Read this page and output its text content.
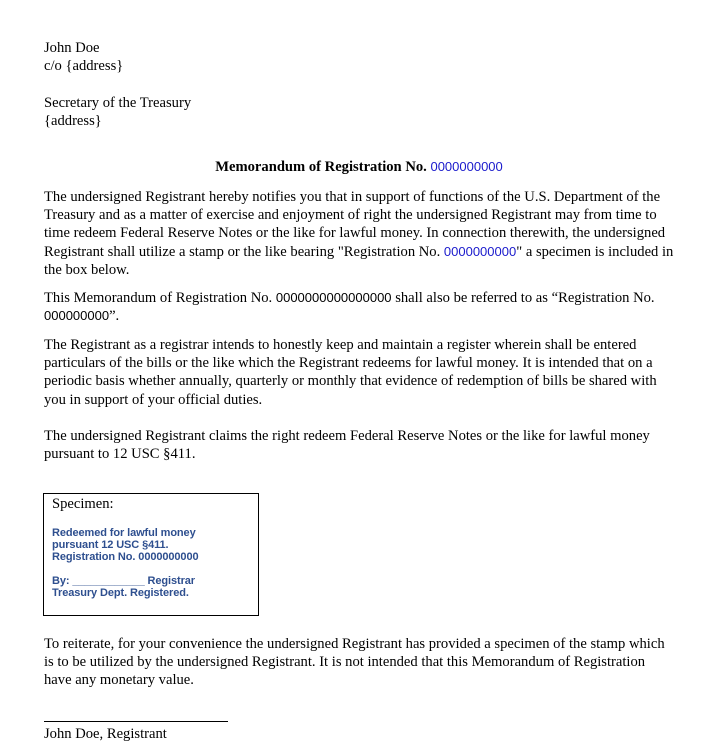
John Doe
c/o {address}
Secretary of the Treasury
{address}
Memorandum of Registration No. 0000000000
The undersigned Registrant hereby notifies you that in support of functions of the U.S. Department of the Treasury and as a matter of exercise and enjoyment of right the undersigned Registrant may from time to time redeem Federal Reserve Notes or the like for lawful money. In connection therewith, the undersigned Registrant shall utilize a stamp or the like bearing "Registration No. 0000000000" a specimen is included in the box below.
This Memorandum of Registration No. 0000000000000000 shall also be referred to as “Registration No. 000000000”.
The Registrant as a registrar intends to honestly keep and maintain a register wherein shall be entered particulars of the bills or the like which the Registrant redeems for lawful money. It is intended that on a periodic basis whether annually, quarterly or monthly that evidence of redemption of bills be shared with you in support of your official duties.
The undersigned Registrant claims the right redeem Federal Reserve Notes or the like for lawful money pursuant to 12 USC §411.
Specimen:
Redeemed for lawful money
pursuant 12 USC §411.
Registration No. 0000000000
By: ____________ Registrar
Treasury Dept. Registered.
To reiterate, for your convenience the undersigned Registrant has provided a specimen of the stamp which is to be utilized by the undersigned Registrant. It is not intended that this Memorandum of Registration have any monetary value.
John Doe, Registrant
